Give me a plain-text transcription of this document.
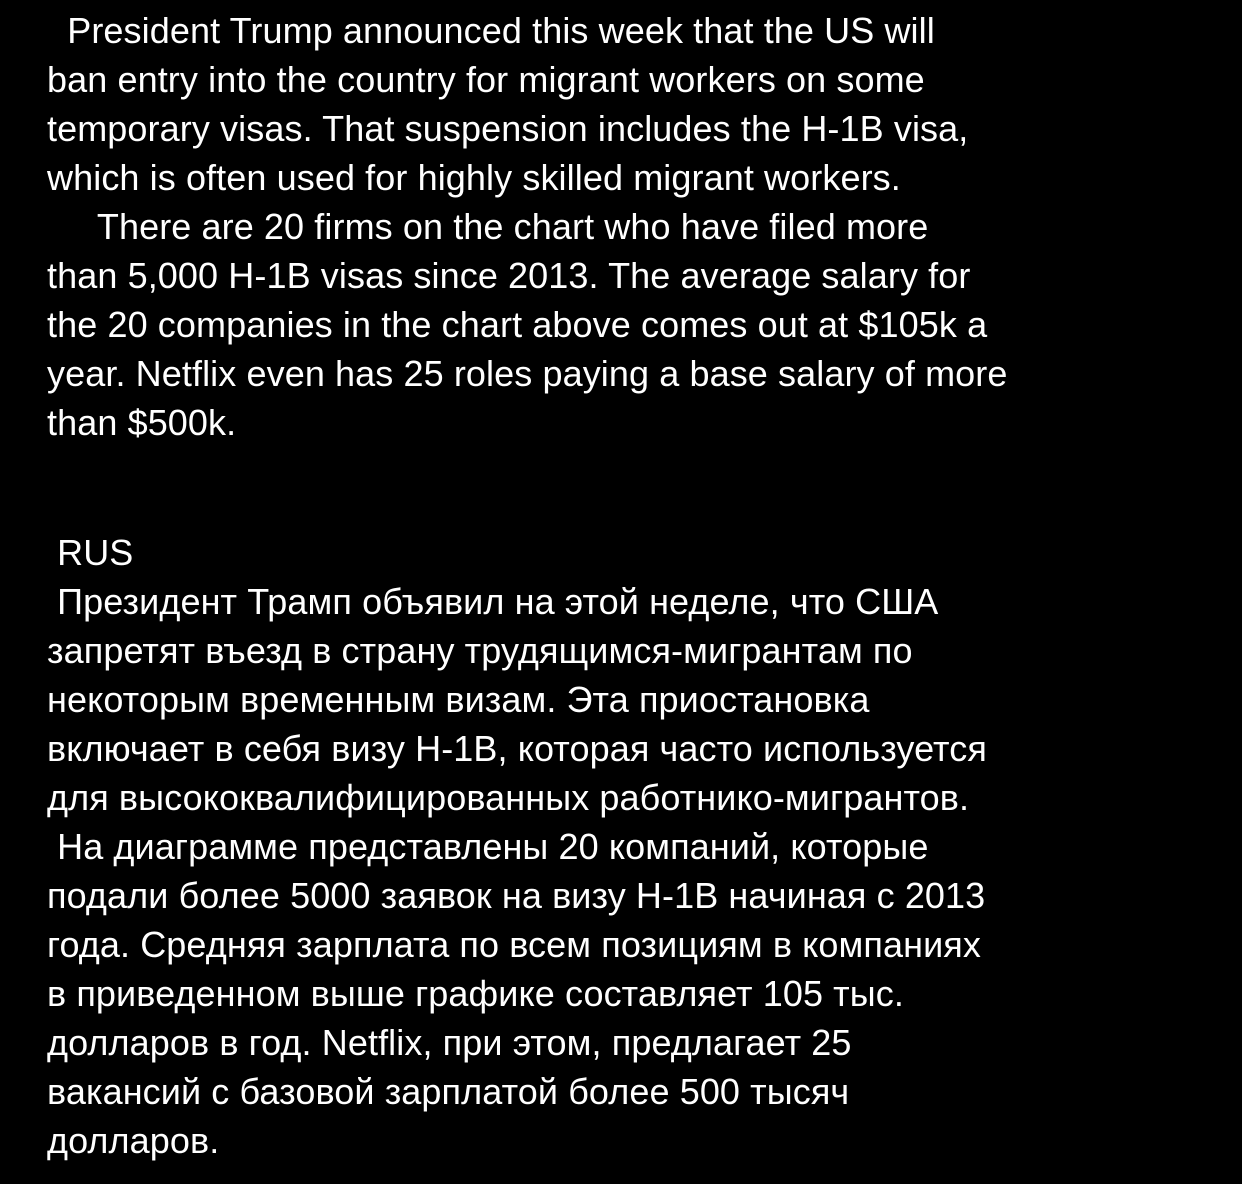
President Trump announced this week that the US will
ban entry into the country for migrant workers on some
temporary visas. That suspension includes the H-1B visa,
which is often used for highly skilled migrant workers.
There are 20 firms on the chart who have filed more
than 5,000 H-1B visas since 2013. The average salary for
the 20 companies in the chart above comes out at $105k a
year. Netflix even has 25 roles paying a base salary of more
than $500k.
RUS
Президент Трамп объявил на этой неделе, что США
запретят въезд в страну трудящимся-мигрантам по
некоторым временным визам. Эта приостановка
включает в себя визу H-1B, которая часто используется
для высококвалифицированных работнико-мигрантов.
На диаграмме представлены 20 компаний, которые
подали более 5000 заявок на визу H-1B начиная с 2013
года. Средняя зарплата по всем позициям в компаниях
в приведенном выше графике составляет 105 тыс.
долларов в год. Netflix, при этом, предлагает 25
вакансий с базовой зарплатой более 500 тысяч
долларов.
